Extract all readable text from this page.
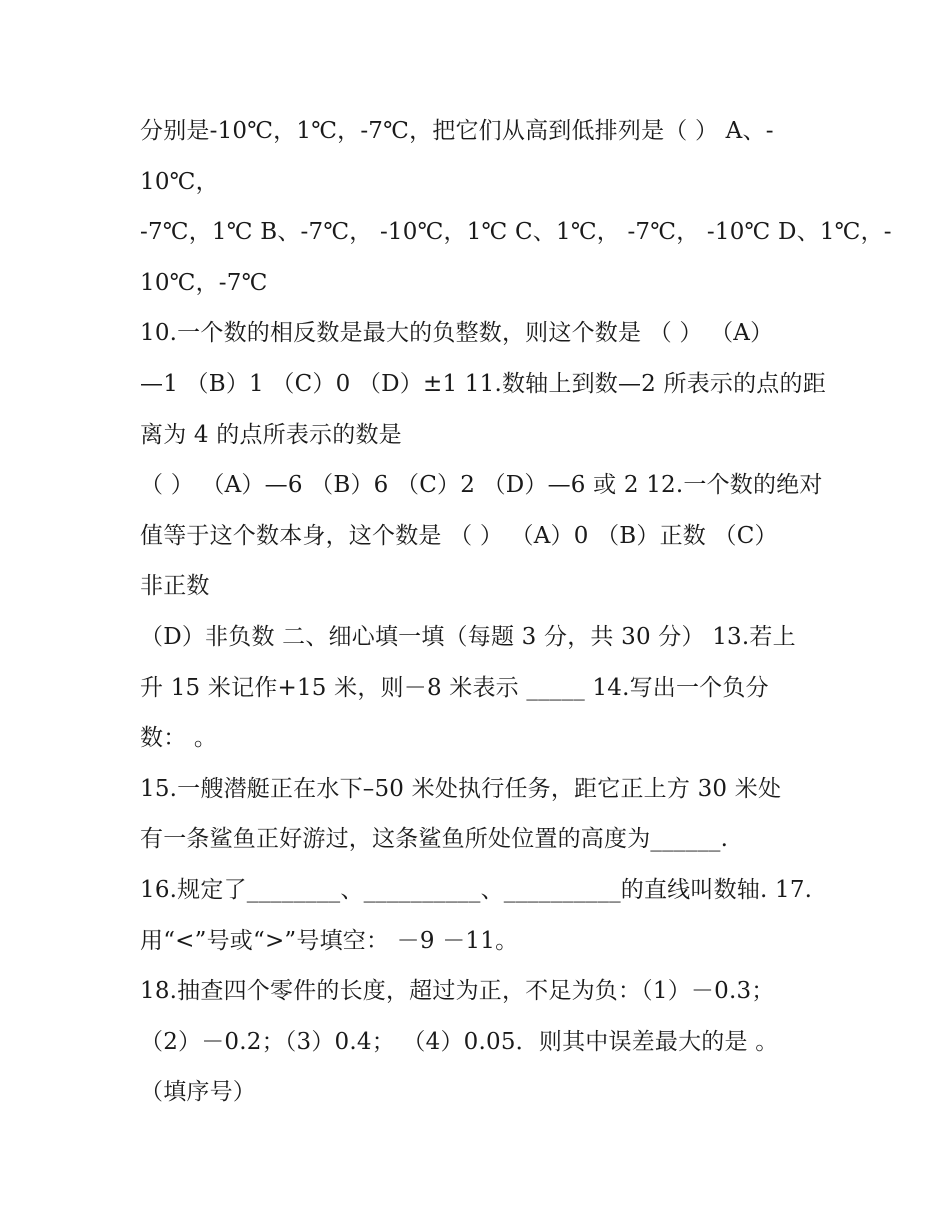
分别是-10℃，1℃，-7℃，把它们从高到低排列是（ ） A、-
10℃，
-7℃，1℃ B、-7℃， -10℃，1℃ C、1℃， -7℃， -10℃ D、1℃，-
10℃，-7℃
10.一个数的相反数是最大的负整数，则这个数是 （ ） （A）
—1 （B）1 （C）0 （D）±1 11.数轴上到数—2 所表示的点的距
离为 4 的点所表示的数是
（ ） （A）—6 （B）6 （C）2 （D）—6 或 2 12.一个数的绝对
值等于这个数本身，这个数是 （ ） （A）0 （B）正数 （C）
非正数
（D）非负数 二、细心填一填（每题 3 分，共 30 分） 13.若上
升 15 米记作+15 米，则－8 米表示 _____ 14.写出一个负分
数： 。
15.一艘潜艇正在水下–50 米处执行任务，距它正上方 30 米处
有一条鲨鱼正好游过，这条鲨鱼所处位置的高度为______.
16.规定了________、__________、__________的直线叫数轴. 17.
用“<”号或“>”号填空： －9 －11。
18.抽查四个零件的长度，超过为正，不足为负：（1）－0.3；
（2）－0.2；（3）0.4； （4）0.05．则其中误差最大的是 。
（填序号）
